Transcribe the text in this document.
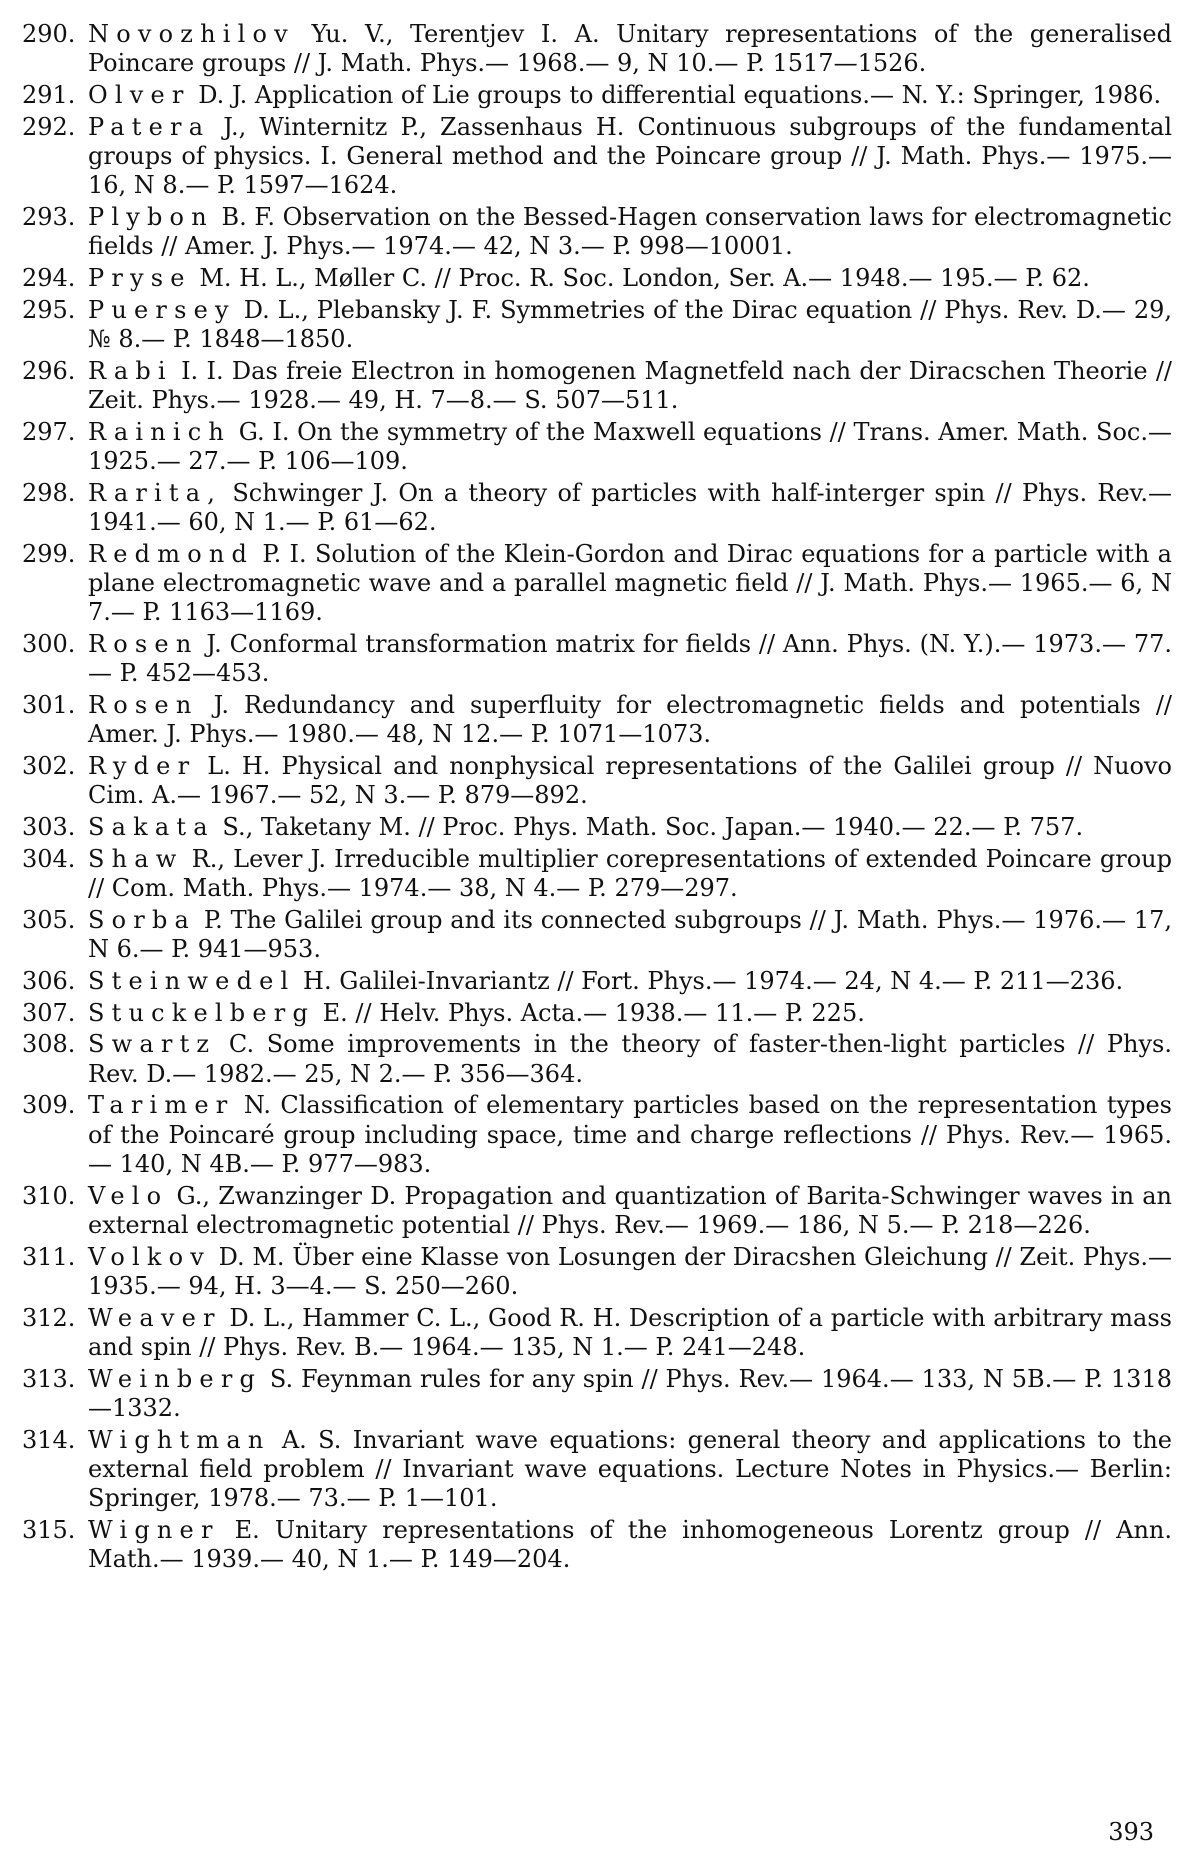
290. Novozhilov Yu. V., Terentjev I. A. Unitary representations of the generalised Poincare groups // J. Math. Phys.— 1968.— 9, N 10.— P. 1517—1526.
291. Olver D. J. Application of Lie groups to differential equations.— N. Y.: Springer, 1986.
292. Patera J., Winternitz P., Zassenhaus H. Continuous subgroups of the fundamental groups of physics. I. General method and the Poincare group // J. Math. Phys.— 1975.— 16, N 8.— P. 1597—1624.
293. Plybon B. F. Observation on the Bessed-Hagen conservation laws for electromagnetic fields // Amer. J. Phys.— 1974.— 42, N 3.— P. 998—10001.
294. Pryse M. H. L., Møller C. // Proc. R. Soc. London, Ser. A.— 1948.— 195.— P. 62.
295. Puersey D. L., Plebansky J. F. Symmetries of the Dirac equation // Phys. Rev. D.— 29, № 8.— P. 1848—1850.
296. Rabi I. I. Das freie Electron in homogenen Magnetfeld nach der Diracschen Theorie // Zeit. Phys.— 1928.— 49, H. 7—8.— S. 507—511.
297. Rainich G. I. On the symmetry of the Maxwell equations // Trans. Amer. Math. Soc.— 1925.— 27.— P. 106—109.
298. Rarita, Schwinger J. On a theory of particles with half-interger spin // Phys. Rev.— 1941.— 60, N 1.— P. 61—62.
299. Redmond P. I. Solution of the Klein-Gordon and Dirac equations for a particle with a plane electromagnetic wave and a parallel magnetic field // J. Math. Phys.— 1965.— 6, N 7.— P. 1163—1169.
300. Rosen J. Conformal transformation matrix for fields // Ann. Phys. (N. Y.).— 1973.— 77.— P. 452—453.
301. Rosen J. Redundancy and superfluity for electromagnetic fields and potentials // Amer. J. Phys.— 1980.— 48, N 12.— P. 1071—1073.
302. Ryder L. H. Physical and nonphysical representations of the Galilei group // Nuovo Cim. A.— 1967.— 52, N 3.— P. 879—892.
303. Sakata S., Taketany M. // Proc. Phys. Math. Soc. Japan.— 1940.— 22.— P. 757.
304. Shaw R., Lever J. Irreducible multiplier corepresentations of extended Poincare group // Com. Math. Phys.— 1974.— 38, N 4.— P. 279—297.
305. Sorba P. The Galilei group and its connected subgroups // J. Math. Phys.— 1976.— 17, N 6.— P. 941—953.
306. Steinwedel H. Galilei-Invariantz // Fort. Phys.— 1974.— 24, N 4.— P. 211—236.
307. Stuckelberg E. // Helv. Phys. Acta.— 1938.— 11.— P. 225.
308. Swartz C. Some improvements in the theory of faster-then-light particles // Phys. Rev. D.— 1982.— 25, N 2.— P. 356—364.
309. Tarimer N. Classification of elementary particles based on the representation types of the Poincaré group including space, time and charge reflections // Phys. Rev.— 1965.— 140, N 4B.— P. 977—983.
310. Velo G., Zwanzinger D. Propagation and quantization of Barita-Schwinger waves in an external electromagnetic potential // Phys. Rev.— 1969.— 186, N 5.— P. 218—226.
311. Volkov D. M. Über eine Klasse von Losungen der Diracshen Gleichung // Zeit. Phys.— 1935.— 94, H. 3—4.— S. 250—260.
312. Weaver D. L., Hammer C. L., Good R. H. Description of a particle with arbitrary mass and spin // Phys. Rev. B.— 1964.— 135, N 1.— P. 241—248.
313. Weinberg S. Feynman rules for any spin // Phys. Rev.— 1964.— 133, N 5B.— P. 1318—1332.
314. Wightman A. S. Invariant wave equations: general theory and applications to the external field problem // Invariant wave equations. Lecture Notes in Physics.— Berlin: Springer, 1978.— 73.— P. 1—101.
315. Wigner E. Unitary representations of the inhomogeneous Lorentz group // Ann. Math.— 1939.— 40, N 1.— P. 149—204.
393
